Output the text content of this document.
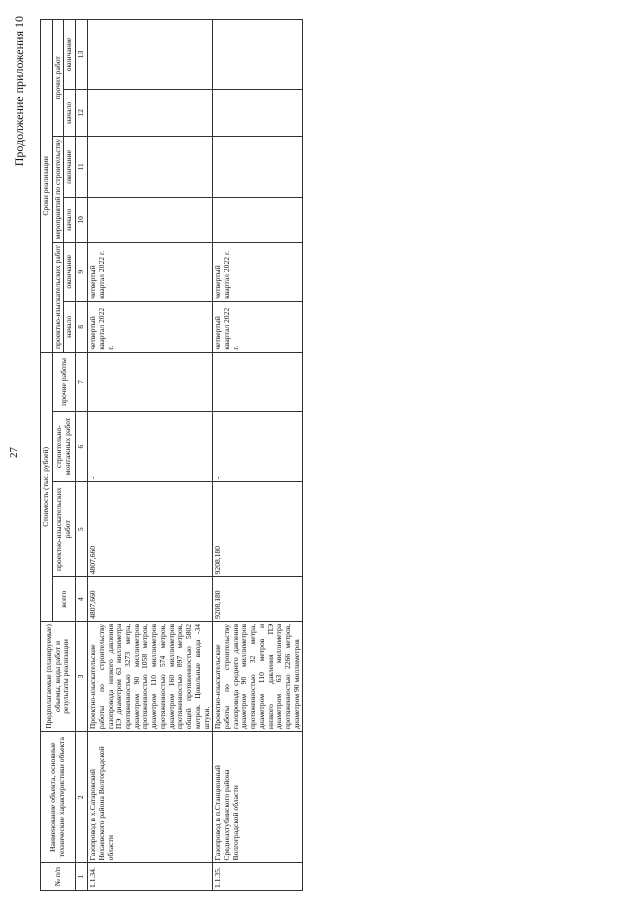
27
Продолжение приложения 10
№ п/п	Наименование объекта, основные технические характеристики объекта	Предполагаемые (планируемые) объемы, виды работ и результаты реализации	Стоимость (тыс. рублей)				Сроки реализации					
			всего	проектно-изыскательских работ	строительно-монтажных работ	прочие работы	проектно-изыскательских работ		мероприятий по строительству		прочих работ	
							начало	окончание	начало	окончание	начало	окончание
1	2	3	4	5	6	7	8	9	10	11	12	13
1.1.34.	Газопровод в х.Сатаровский Нехаевского района Волгоградской области	Проектно-изыскательские работы по строительству газопровода низкого давления ПЭ диаметром 63 миллиметра протяженностью 3273 метра, диаметром 90 миллиметров протяженностью 1058 метров, диаметром 110 миллиметров протяженностью 574 метров, диаметром 160 миллиметров протяженностью 897 метров, общей протяженностью 5802 метров. Цокольные ввода -34 штуки.	4807,660	4807,660	-		четвертый квартал 2022 г.	четвертый квартал 2022 г.				
1.1.35.	Газопровод в п.Станционный Среднеахтубинского района Волгоградской области	Проектно-изыскательские работы по строительству газопровода среднего давления диаметром 90 миллиметров протяженностью 32 метра, диаметром 110 метров и низкого давления ПЭ диаметром 63 миллиметра протяженностью 2266 метров, диаметром 90 миллиметров	9208,180	9208,180	-		четвертый квартал 2022 г.	четвертый квартал 2022 г.				
